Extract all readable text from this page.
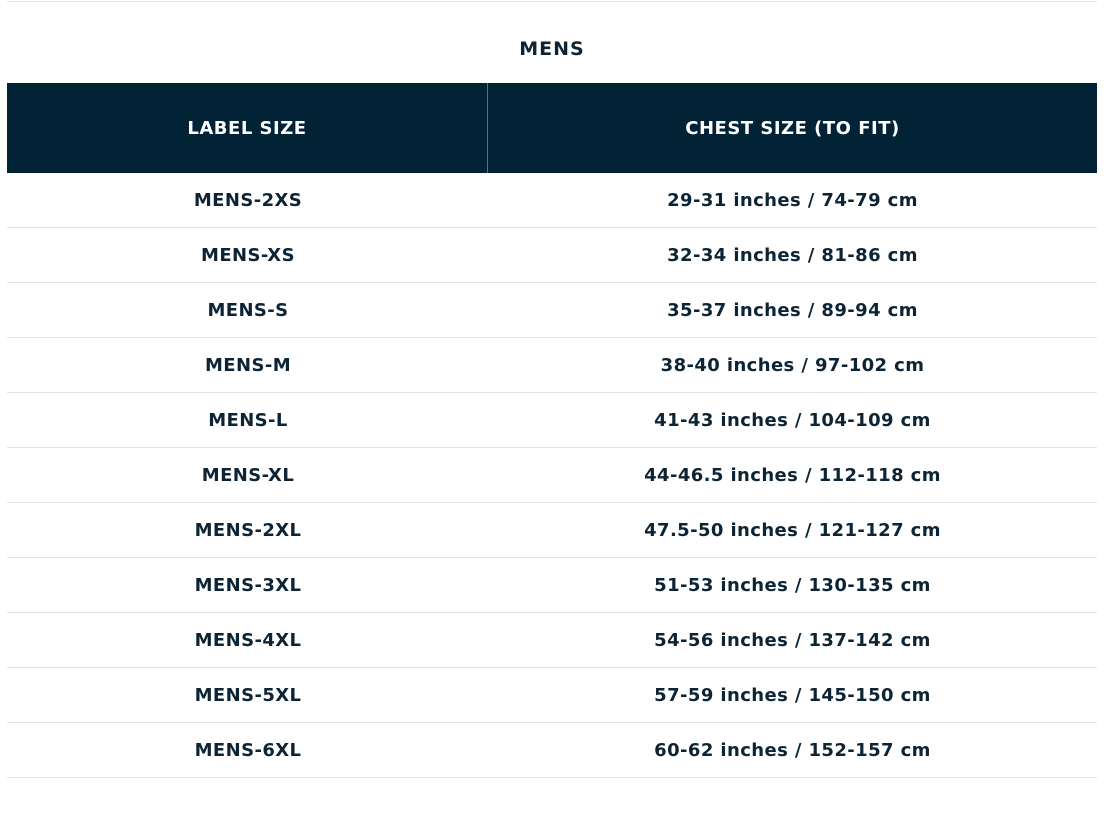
MENS
LABEL SIZE	CHEST SIZE (TO FIT)
MENS-2XS	29-31 inches / 74-79 cm
MENS-XS	32-34 inches / 81-86 cm
MENS-S	35-37 inches / 89-94 cm
MENS-M	38-40 inches / 97-102 cm
MENS-L	41-43 inches / 104-109 cm
MENS-XL	44-46.5 inches / 112-118 cm
MENS-2XL	47.5-50 inches / 121-127 cm
MENS-3XL	51-53 inches / 130-135 cm
MENS-4XL	54-56 inches / 137-142 cm
MENS-5XL	57-59 inches / 145-150 cm
MENS-6XL	60-62 inches / 152-157 cm
